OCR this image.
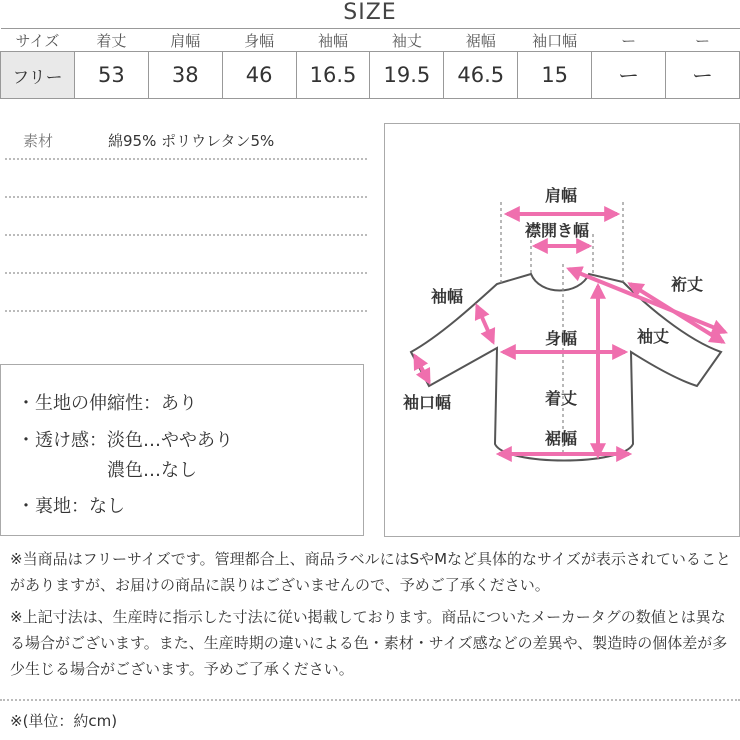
SIZE
サイズ	着丈	肩幅	身幅	袖幅	袖丈	裾幅	袖口幅	ー	ー
フリー	53	38	46	16.5	19.5	46.5	15	ー	ー
素材	綿95% ポリウレタン5%
・生地の伸縮性：あり
・透け感：淡色…ややあり
濃色…なし
・裏地：なし
肩幅
襟開き幅
裄丈
袖幅
身幅	袖丈
袖口幅	着丈
裾幅
※当商品はフリーサイズです。管理都合上、商品ラベルにはSやMなど具体的なサイズが表示されていることがありますが、お届けの商品に誤りはございませんので、予めご了承ください。
※上記寸法は、生産時に指示した寸法に従い掲載しております。商品についたメーカータグの数値とは異なる場合がございます。また、生産時期の違いによる色・素材・サイズ感などの差異や、製造時の個体差が多少生じる場合がございます。予めご了承ください。
※(単位：約cm)
